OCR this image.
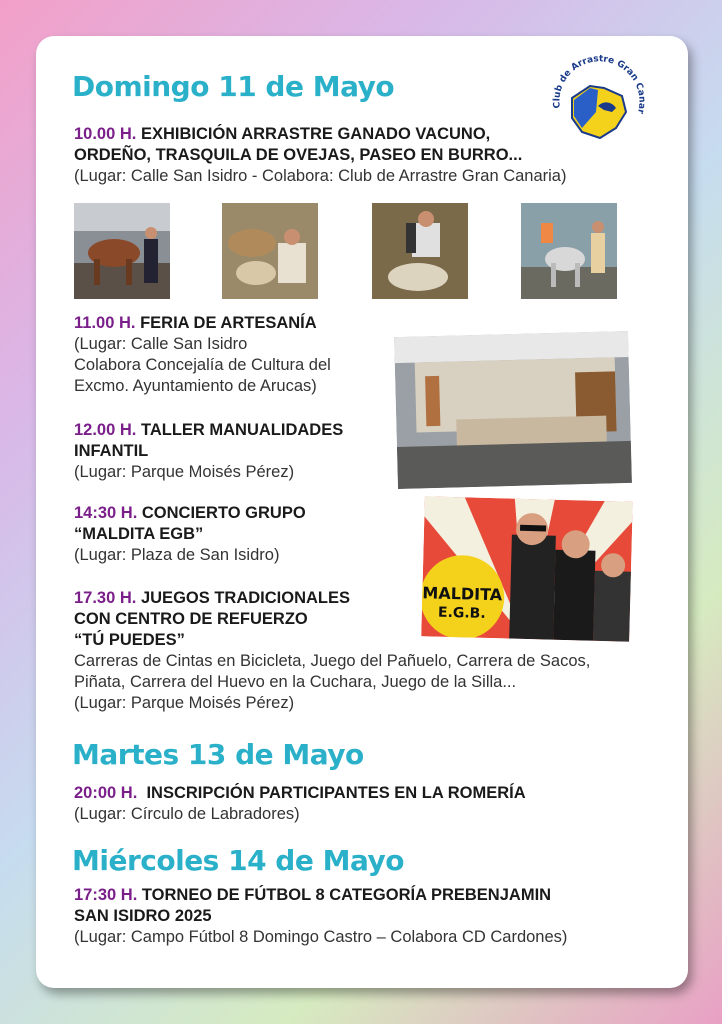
Club de Arrastre Gran Canar
Domingo 11 de Mayo
10.00 H. EXHIBICIÓN ARRASTRE GANADO VACUNO,
ORDEÑO, TRASQUILA DE OVEJAS, PASEO EN BURRO...
(Lugar: Calle San Isidro - Colabora: Club de Arrastre Gran Canaria)
11.00 H. FERIA DE ARTESANÍA
(Lugar: Calle San Isidro
Colabora Concejalía de Cultura del
Excmo. Ayuntamiento de Arucas)
12.00 H. TALLER MANUALIDADES
INFANTIL
(Lugar: Parque Moisés Pérez)
14:30 H. CONCIERTO GRUPO
“MALDITA EGB”
(Lugar: Plaza de San Isidro)
MALDITA
E.G.B.
17.30 H. JUEGOS TRADICIONALES
CON CENTRO DE REFUERZO
“TÚ PUEDES”
Carreras de Cintas en Bicicleta, Juego del Pañuelo, Carrera de Sacos,
Piñata, Carrera del Huevo en la Cuchara, Juego de la Silla...
(Lugar: Parque Moisés Pérez)
Martes 13 de Mayo
20:00 H. INSCRIPCIÓN PARTICIPANTES EN LA ROMERÍA
(Lugar: Círculo de Labradores)
Miércoles 14 de Mayo
17:30 H. TORNEO DE FÚTBOL 8 CATEGORÍA PREBENJAMIN
SAN ISIDRO 2025
(Lugar: Campo Fútbol 8 Domingo Castro – Colabora CD Cardones)
